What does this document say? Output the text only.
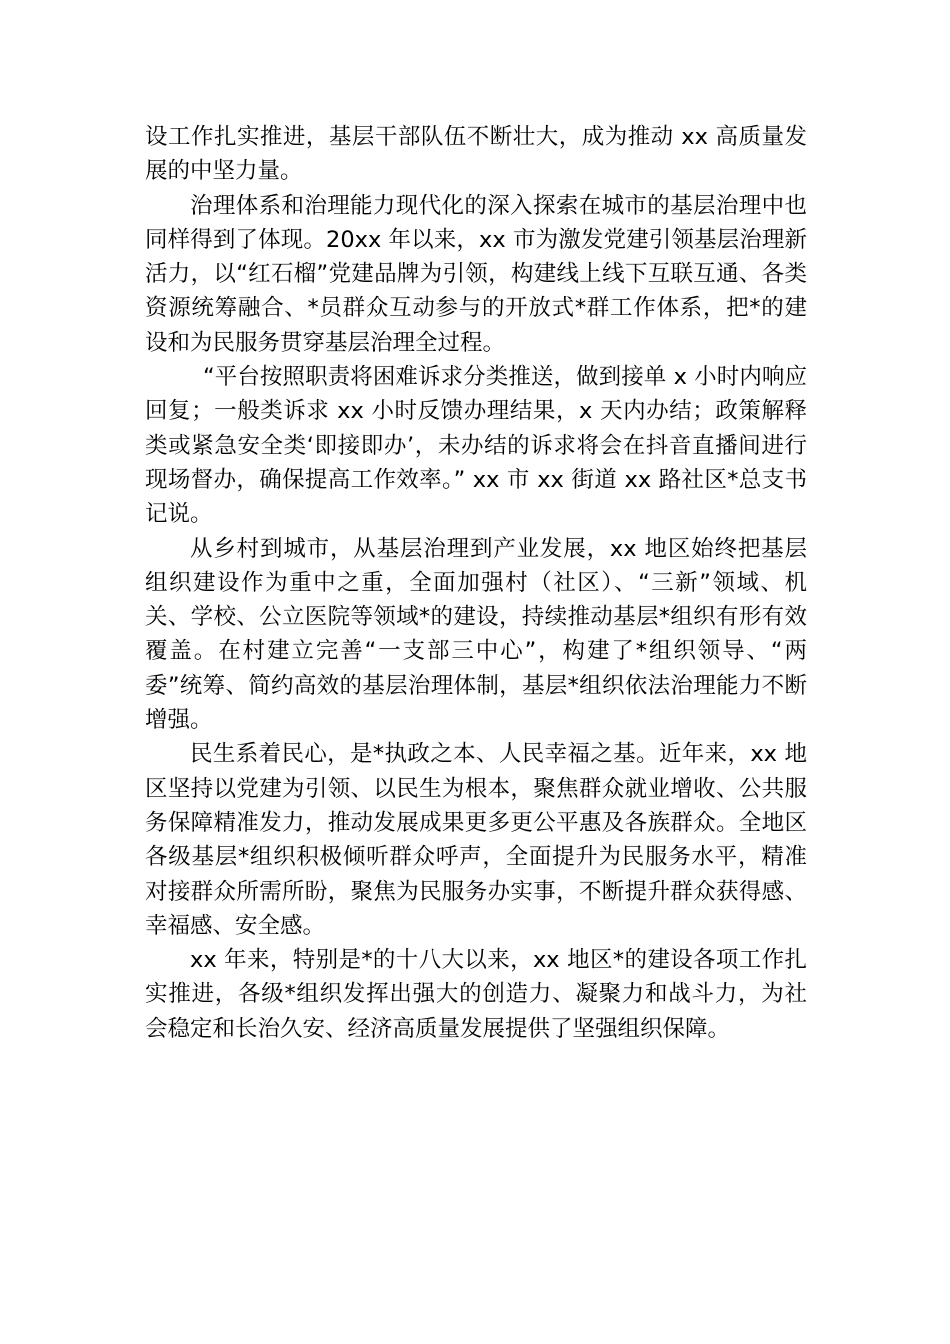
设工作扎实推进，基层干部队伍不断壮大，成为推动 xx 高质量发展的中坚力量。

治理体系和治理能力现代化的深入探索在城市的基层治理中也同样得到了体现。20xx 年以来，xx 市为激发党建引领基层治理新活力，以“红石榴”党建品牌为引领，构建线上线下互联互通、各类资源统筹融合、*员群众互动参与的开放式*群工作体系，把*的建设和为民服务贯穿基层治理全过程。

“平台按照职责将困难诉求分类推送，做到接单 x 小时内响应回复；一般类诉求 xx 小时反馈办理结果，x 天内办结；政策解释类或紧急安全类‘即接即办’，未办结的诉求将会在抖音直播间进行现场督办，确保提高工作效率。” xx 市 xx 街道 xx 路社区*总支书记说。

从乡村到城市，从基层治理到产业发展，xx 地区始终把基层组织建设作为重中之重，全面加强村（社区）、“三新”领域、机关、学校、公立医院等领域*的建设，持续推动基层*组织有形有效覆盖。在村建立完善“一支部三中心”，构建了*组织领导、“两委”统筹、简约高效的基层治理体制，基层*组织依法治理能力不断增强。

民生系着民心，是*执政之本、人民幸福之基。近年来，xx 地区坚持以党建为引领、以民生为根本，聚焦群众就业增收、公共服务保障精准发力，推动发展成果更多更公平惠及各族群众。全地区各级基层*组织积极倾听群众呼声，全面提升为民服务水平，精准对接群众所需所盼，聚焦为民服务办实事，不断提升群众获得感、幸福感、安全感。

xx 年来，特别是*的十八大以来，xx 地区*的建设各项工作扎实推进，各级*组织发挥出强大的创造力、凝聚力和战斗力，为社会稳定和长治久安、经济高质量发展提供了坚强组织保障。
